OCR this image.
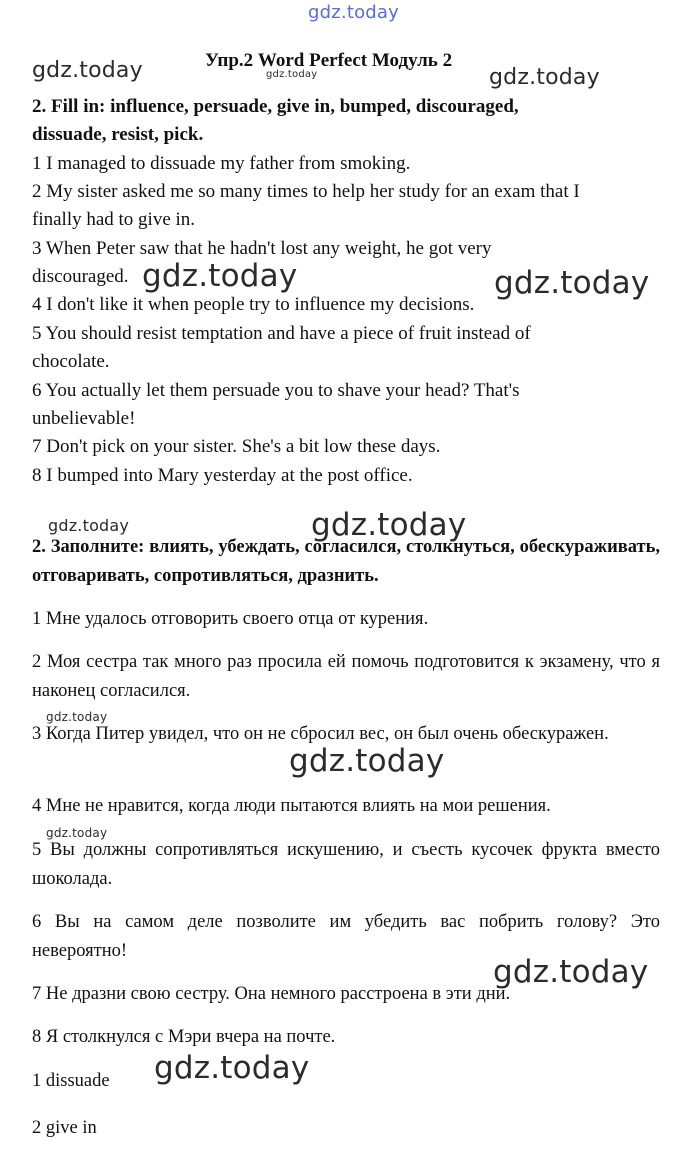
gdz.today
gdz.today	gdz.today	gdz.today
gdz.today	gdz.today
gdz.today	gdz.today
gdz.today
gdz.today
gdz.today
gdz.today
gdz.today
Упр.2 Word Perfect Модуль 2
2. Fill in: influence, persuade, give in, bumped, discouraged,
dissuade, resist, pick.
1 I managed to dissuade my father from smoking.
2 My sister asked me so many times to help her study for an exam that I
finally had to give in.
3 When Peter saw that he hadn't lost any weight, he got very
discouraged.
4 I don't like it when people try to influence my decisions.
5 You should resist temptation and have a piece of fruit instead of
chocolate.
6 You actually let them persuade you to shave your head? That's
unbelievable!
7 Don't pick on your sister. She's a bit low these days.
8 I bumped into Mary yesterday at the post office.
2. Заполните: влиять, убеждать, согласился, столкнуться, обескураживать, отговаривать, сопротивляться, дразнить.
1 Мне удалось отговорить своего отца от курения.
2 Моя сестра так много раз просила ей помочь подготовится к экзамену, что я наконец согласился.
3 Когда Питер увидел, что он не сбросил вес, он был очень обескуражен.
4 Мне не нравится, когда люди пытаются влиять на мои решения.
5 Вы должны сопротивляться искушению, и съесть кусочек фрукта вместо шоколада.
6 Вы на самом деле позволите им убедить вас побрить голову? Это невероятно!
7 Не дразни свою сестру. Она немного расстроена в эти дни.
8 Я столкнулся с Мэри вчера на почте.
1 dissuade
2 give in
